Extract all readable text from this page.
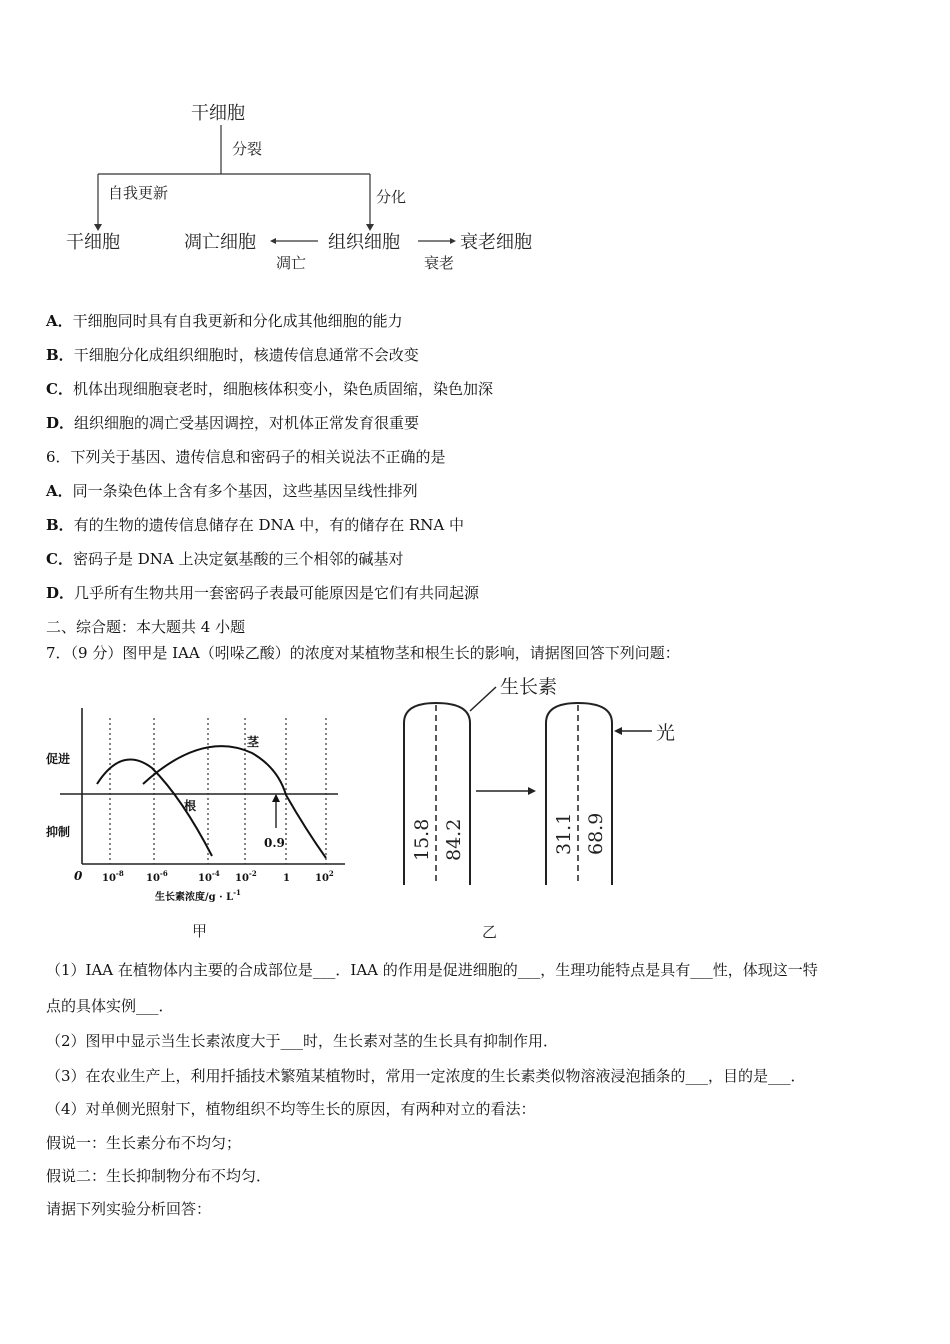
干细胞
干细胞	凋亡细胞	组织细胞	衰老细胞
分裂
自我更新	分化
凋亡	衰老
A．干细胞同时具有自我更新和分化成其他细胞的能力
B．干细胞分化成组织细胞时，核遗传信息通常不会改变
C．机体出现细胞衰老时，细胞核体积变小，染色质固缩，染色加深
D．组织细胞的凋亡受基因调控，对机体正常发育很重要
6．下列关于基因、遗传信息和密码子的相关说法不正确的是
A．同一条染色体上含有多个基因，这些基因呈线性排列
B．有的生物的遗传信息储存在 DNA 中，有的储存在 RNA 中
C．密码子是 DNA 上决定氨基酸的三个相邻的碱基对
D．几乎所有生物共用一套密码子表最可能原因是它们有共同起源
二、综合题：本大题共 4 小题
7．（9 分）图甲是 IAA（吲哚乙酸）的浓度对某植物茎和根生长的影响，请据图回答下列问题：
促进
抑制
茎
根
0.9
0 $10^{-8}$ $10^{-6}$	$10^{-4}$ $10^{-2}$	1	$10^2$
生长素浓度$/g \cdot L^{-1}$
甲
生长素
光
15.8 84.2	31.1 68.9
乙
（1）IAA 在植物体内主要的合成部位是___．IAA 的作用是促进细胞的___，生理功能特点是具有___性，体现这一特
点的具体实例___．
（2）图甲中显示当生长素浓度大于___时，生长素对茎的生长具有抑制作用．
（3）在农业生产上，利用扦插技术繁殖某植物时，常用一定浓度的生长素类似物溶液浸泡插条的___，目的是___．
（4）对单侧光照射下，植物组织不均等生长的原因，有两种对立的看法：
假说一：生长素分布不均匀；
假说二：生长抑制物分布不均匀．
请据下列实验分析回答：
